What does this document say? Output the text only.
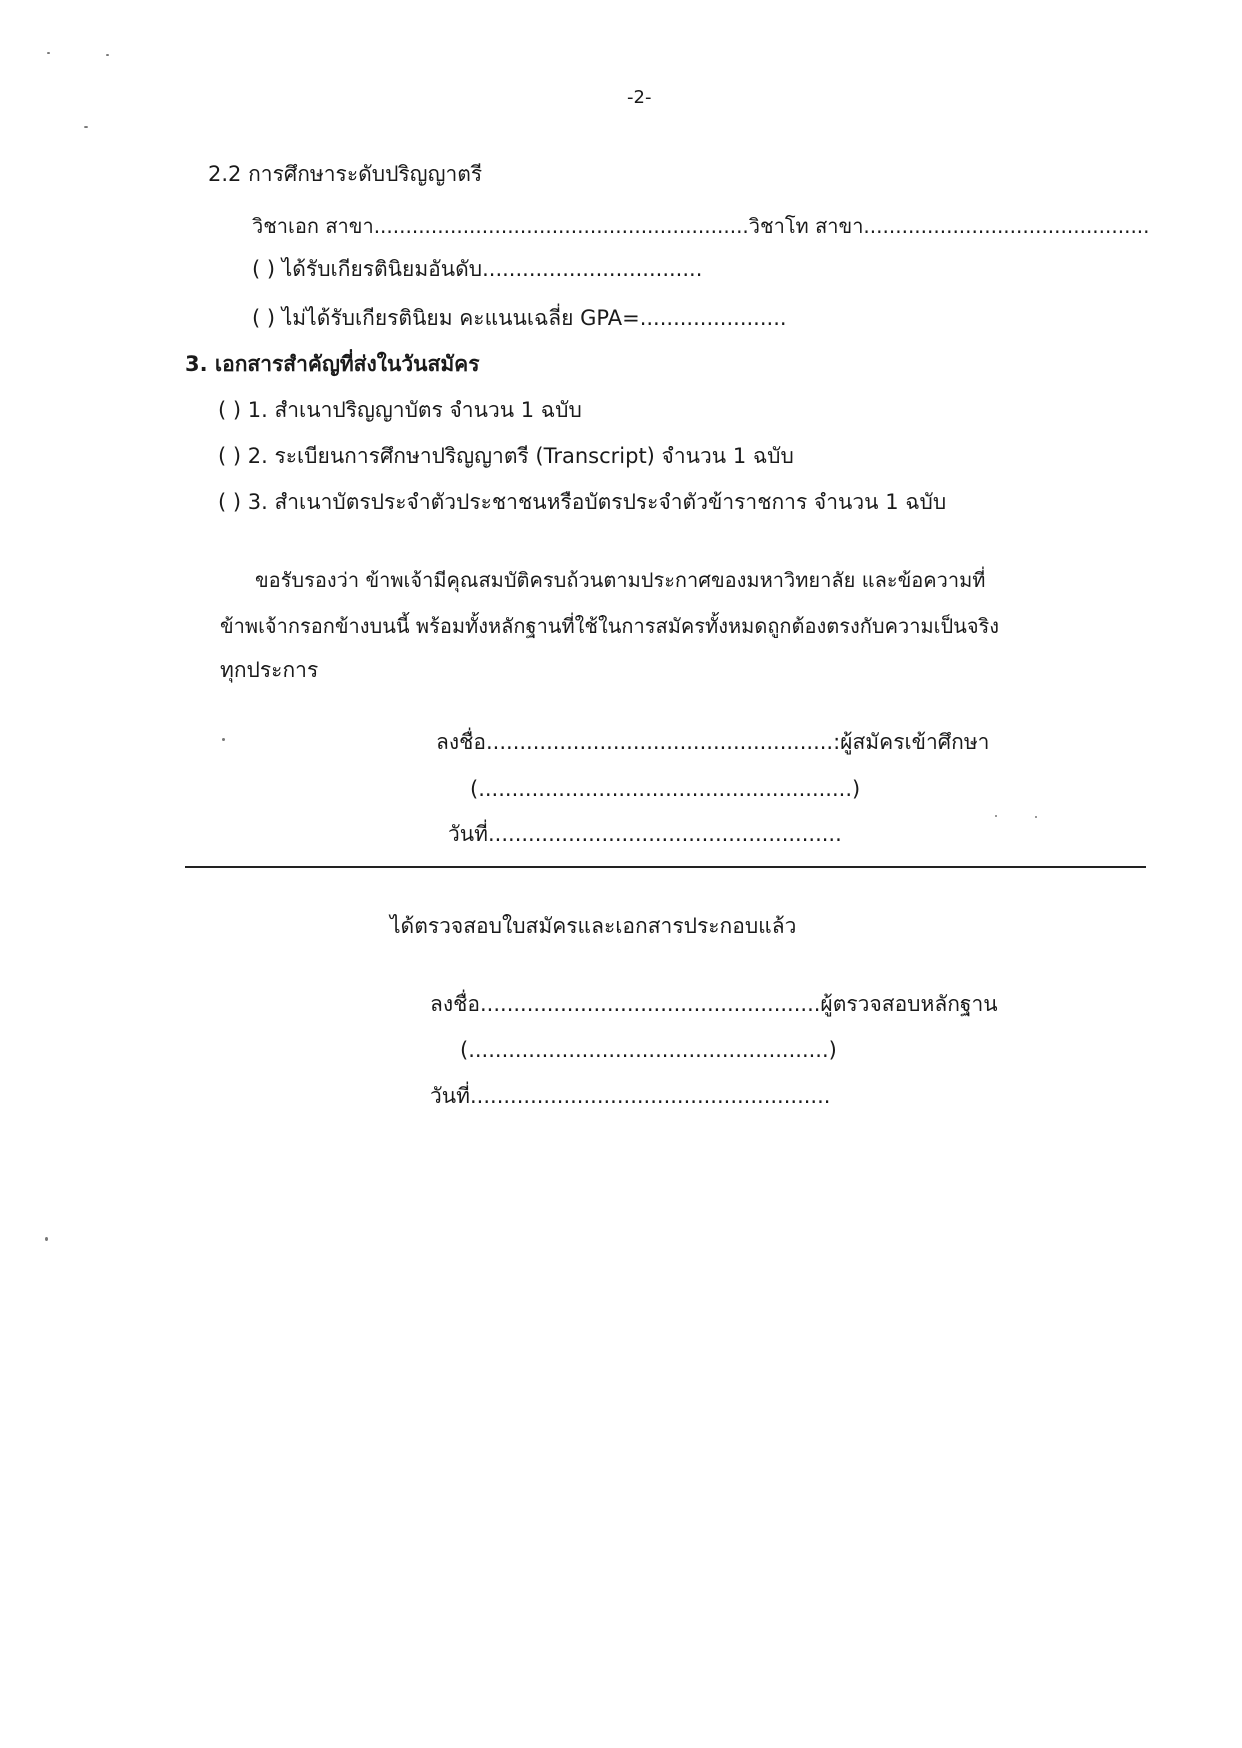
-2-
2.2 การศึกษาระดับปริญญาตรี
วิชาเอก สาขา...........................................................วิชาโท สาขา.............................................
( ) ได้รับเกียรตินิยมอันดับ.................................
( ) ไม่ได้รับเกียรตินิยม คะแนนเฉลี่ย GPA=......................
3. เอกสารสำคัญที่ส่งในวันสมัคร
( ) 1. สำเนาปริญญาบัตร จำนวน 1 ฉบับ
( ) 2. ระเบียนการศึกษาปริญญาตรี (Transcript) จำนวน 1 ฉบับ
( ) 3. สำเนาบัตรประจำตัวประชาชนหรือบัตรประจำตัวข้าราชการ จำนวน 1 ฉบับ
ขอรับรองว่า ข้าพเจ้ามีคุณสมบัติครบถ้วนตามประกาศของมหาวิทยาลัย และข้อความที่
ข้าพเจ้ากรอกข้างบนนี้ พร้อมทั้งหลักฐานที่ใช้ในการสมัครทั้งหมดถูกต้องตรงกับความเป็นจริง
ทุกประการ
ลงชื่อ....................................................:ผู้สมัครเข้าศึกษา
(........................................................)
วันที่.....................................................
ได้ตรวจสอบใบสมัครและเอกสารประกอบแล้ว
ลงชื่อ...................................................ผู้ตรวจสอบหลักฐาน
(......................................................)
วันที่......................................................
